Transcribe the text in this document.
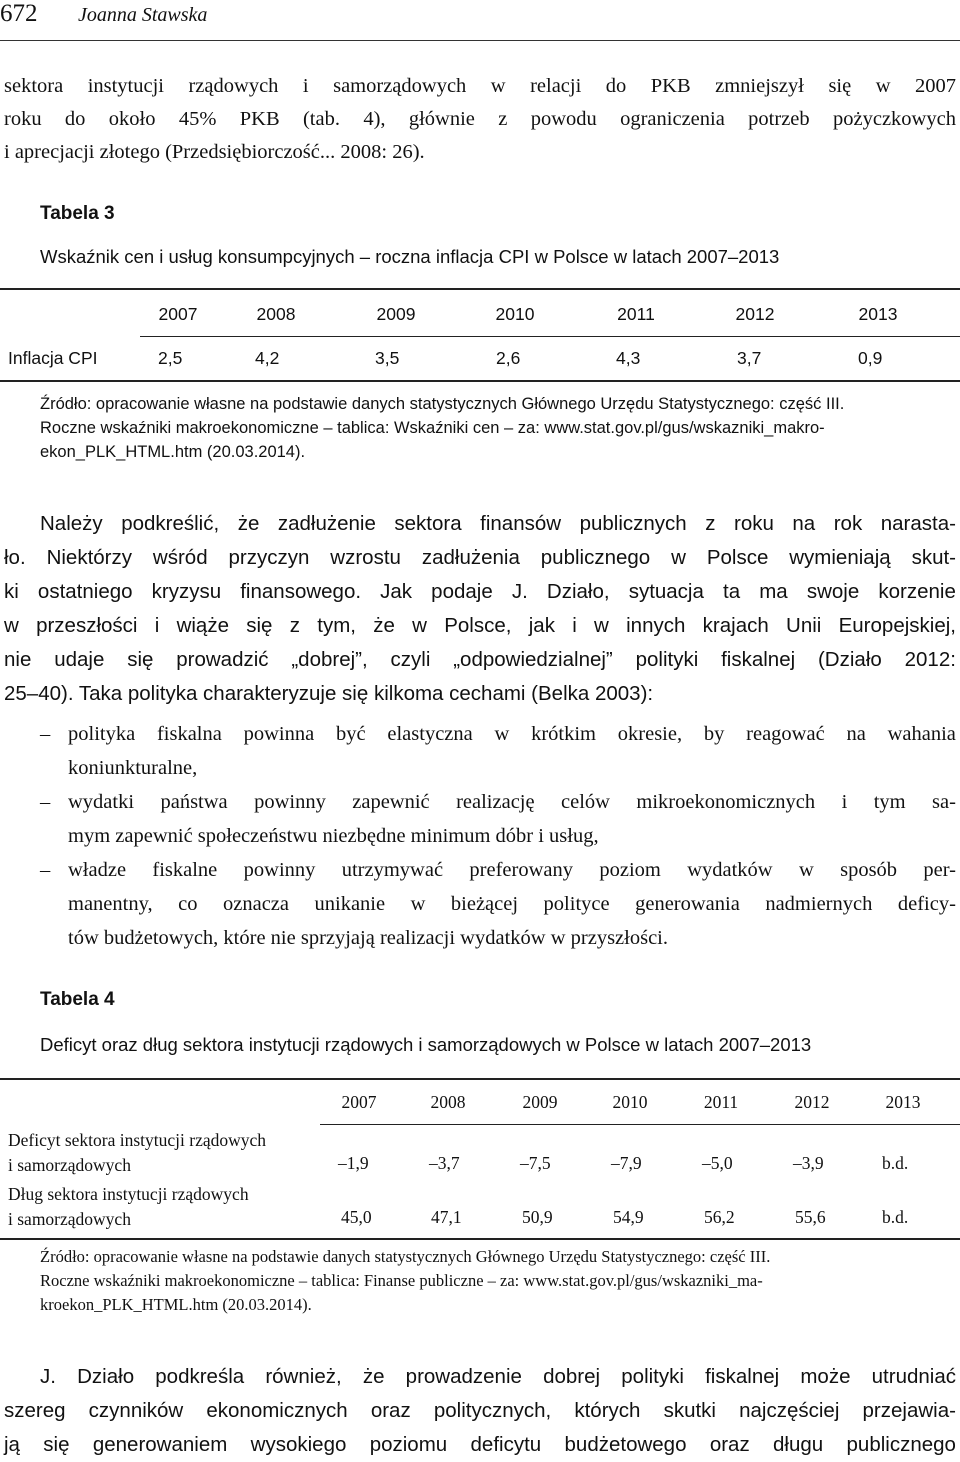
672 Joanna Stawska
sektora instytucji rządowych i samorządowych w relacji do PKB zmniejszył się w 2007
roku do około 45% PKB (tab. 4), głównie z powodu ograniczenia potrzeb pożyczkowych
i aprecjacji złotego (Przedsiębiorczość... 2008: 26).
Tabela 3
Wskaźnik cen i usług konsumpcyjnych – roczna inflacja CPI w Polsce w latach 2007–2013
2007	2008	2009	2010	2011	2012	2013
Inflacja CPI	2,5	4,2	3,5	2,6	4,3	3,7	0,9
Źródło: opracowanie własne na podstawie danych statystycznych Głównego Urzędu Statystycznego: część III.
Roczne wskaźniki makroekonomiczne – tablica: Wskaźniki cen – za: www.stat.gov.pl/gus/wskazniki_makro-
ekon_PLK_HTML.htm (20.03.2014).
Należy podkreślić, że zadłużenie sektora finansów publicznych z roku na rok narasta-
ło. Niektórzy wśród przyczyn wzrostu zadłużenia publicznego w Polsce wymieniają skut-
ki ostatniego kryzysu finansowego. Jak podaje J. Działo, sytuacja ta ma swoje korzenie
w przeszłości i wiąże się z tym, że w Polsce, jak i w innych krajach Unii Europejskiej,
nie udaje się prowadzić „dobrej”, czyli „odpowiedzialnej” polityki fiskalnej (Działo 2012:
25–40). Taka polityka charakteryzuje się kilkoma cechami (Belka 2003):
– polityka fiskalna powinna być elastyczna w krótkim okresie, by reagować na wahania
koniunkturalne,
– wydatki państwa powinny zapewnić realizację celów mikroekonomicznych i tym sa-
mym zapewnić społeczeństwu niezbędne minimum dóbr i usług,
– władze fiskalne powinny utrzymywać preferowany poziom wydatków w sposób per-
manentny, co oznacza unikanie w bieżącej polityce generowania nadmiernych deficy-
tów budżetowych, które nie sprzyjają realizacji wydatków w przyszłości.
Tabela 4
Deficyt oraz dług sektora instytucji rządowych i samorządowych w Polsce w latach 2007–2013
2007	2008	2009	2010	2011	2012	2013
Deficyt sektora instytucji rządowych
i samorządowych	–1,9	–3,7	–7,5	–7,9	–5,0	–3,9	b.d.
Dług sektora instytucji rządowych
i samorządowych	45,0	47,1	50,9	54,9	56,2	55,6	b.d.
Źródło: opracowanie własne na podstawie danych statystycznych Głównego Urzędu Statystycznego: część III.
Roczne wskaźniki makroekonomiczne – tablica: Finanse publiczne – za: www.stat.gov.pl/gus/wskazniki_ma-
kroekon_PLK_HTML.htm (20.03.2014).
J. Działo podkreśla również, że prowadzenie dobrej polityki fiskalnej może utrudniać
szereg czynników ekonomicznych oraz politycznych, których skutki najczęściej przejawia-
ją się generowaniem wysokiego poziomu deficytu budżetowego oraz długu publicznego
